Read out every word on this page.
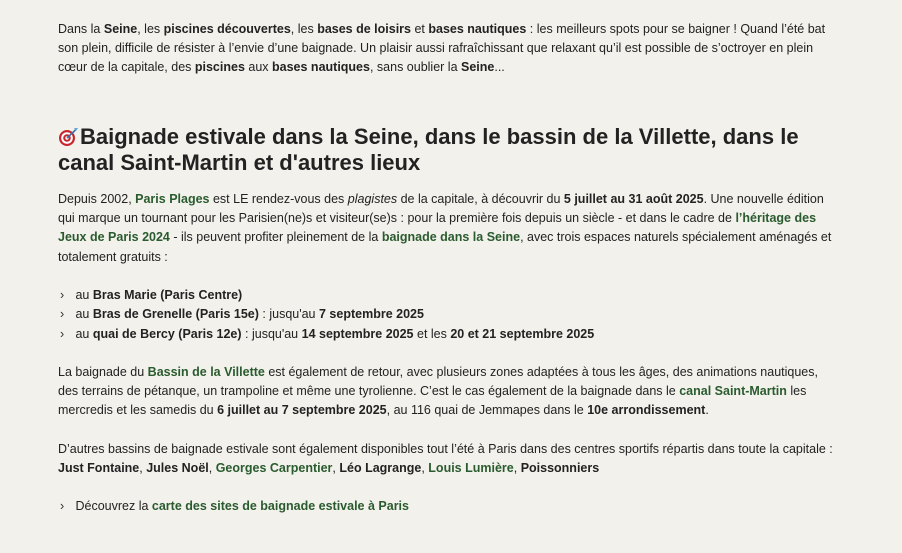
Dans la Seine, les piscines découvertes, les bases de loisirs et bases nautiques : les meilleurs spots pour se baigner ! Quand l’été bat son plein, difficile de résister à l’envie d’une baignade. Un plaisir aussi rafraîchissant que relaxant qu’il est possible de s’octroyer en plein cœur de la capitale, des piscines aux bases nautiques, sans oublier la Seine...

Baignade estivale dans la Seine, dans le bassin de la Villette, dans le canal Saint-Martin et d'autres lieux

Depuis 2002, Paris Plages est LE rendez-vous des plagistes de la capitale, à découvrir du 5 juillet au 31 août 2025. Une nouvelle édition qui marque un tournant pour les Parisien(ne)s et visiteur(se)s : pour la première fois depuis un siècle - et dans le cadre de l’héritage des Jeux de Paris 2024 - ils peuvent profiter pleinement de la baignade dans la Seine, avec trois espaces naturels spécialement aménagés et totalement gratuits :

› au Bras Marie (Paris Centre)
› au Bras de Grenelle (Paris 15e) : jusqu'au 7 septembre 2025
› au quai de Bercy (Paris 12e) : jusqu'au 14 septembre 2025 et les 20 et 21 septembre 2025

La baignade du Bassin de la Villette est également de retour, avec plusieurs zones adaptées à tous les âges, des animations nautiques, des terrains de pétanque, un trampoline et même une tyrolienne. C’est le cas également de la baignade dans le canal Saint-Martin les mercredis et les samedis du 6 juillet au 7 septembre 2025, au 116 quai de Jemmapes dans le 10e arrondissement.

D’autres bassins de baignade estivale sont également disponibles tout l’été à Paris dans des centres sportifs répartis dans toute la capitale : Just Fontaine, Jules Noël, Georges Carpentier, Léo Lagrange, Louis Lumière, Poissonniers

› Découvrez la carte des sites de baignade estivale à Paris
